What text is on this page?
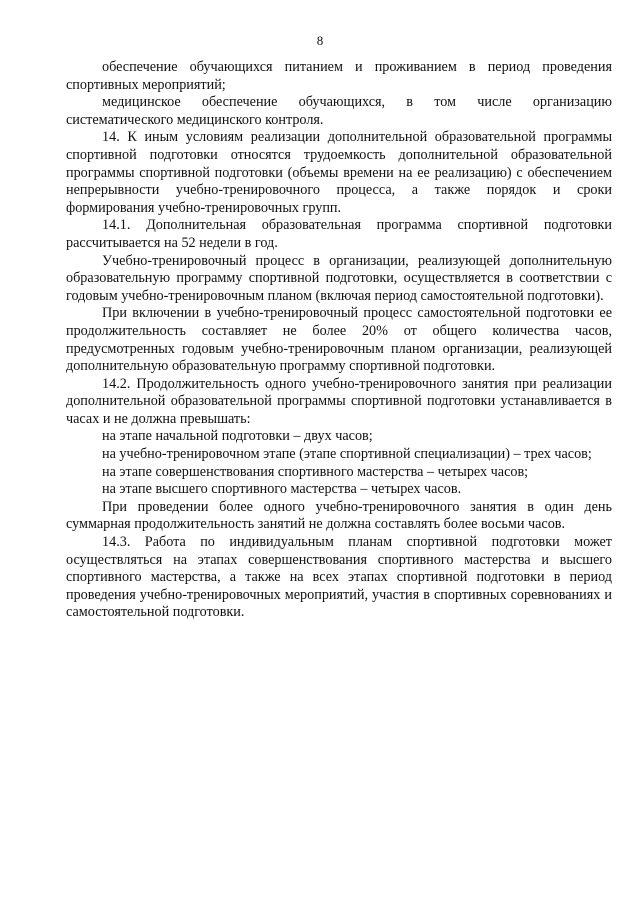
8

обеспечение обучающихся питанием и проживанием в период проведения спортивных мероприятий;

медицинское обеспечение обучающихся, в том числе организацию систематического медицинского контроля.

14. К иным условиям реализации дополнительной образовательной программы спортивной подготовки относятся трудоемкость дополнительной образовательной программы спортивной подготовки (объемы времени на ее реализацию) с обеспечением непрерывности учебно-тренировочного процесса, а также порядок и сроки формирования учебно-тренировочных групп.

14.1. Дополнительная образовательная программа спортивной подготовки рассчитывается на 52 недели в год.

Учебно-тренировочный процесс в организации, реализующей дополнительную образовательную программу спортивной подготовки, осуществляется в соответствии с годовым учебно-тренировочным планом (включая период самостоятельной подготовки).

При включении в учебно-тренировочный процесс самостоятельной подготовки ее продолжительность составляет не более 20% от общего количества часов, предусмотренных годовым учебно-тренировочным планом организации, реализующей дополнительную образовательную программу спортивной подготовки.

14.2. Продолжительность одного учебно-тренировочного занятия при реализации дополнительной образовательной программы спортивной подготовки устанавливается в часах и не должна превышать:

на этапе начальной подготовки – двух часов;

на учебно-тренировочном этапе (этапе спортивной специализации) – трех часов;

на этапе совершенствования спортивного мастерства – четырех часов;

на этапе высшего спортивного мастерства – четырех часов.

При проведении более одного учебно-тренировочного занятия в один день суммарная продолжительность занятий не должна составлять более восьми часов.

14.3. Работа по индивидуальным планам спортивной подготовки может осуществляться на этапах совершенствования спортивного мастерства и высшего спортивного мастерства, а также на всех этапах спортивной подготовки в период проведения учебно-тренировочных мероприятий, участия в спортивных соревнованиях и самостоятельной подготовки.
